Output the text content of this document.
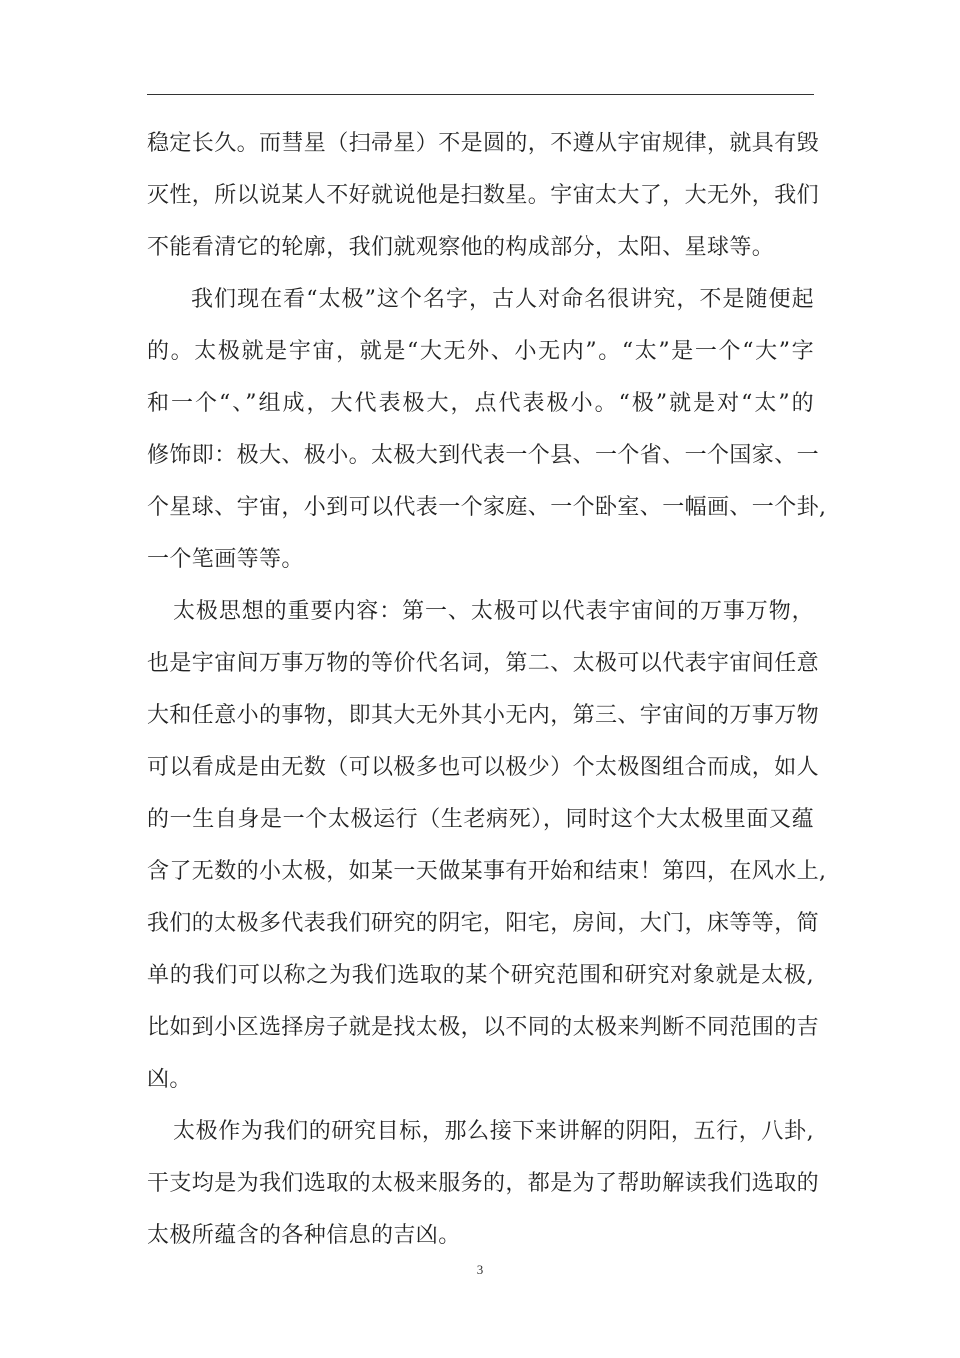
稳定长久。而彗星（扫帚星）不是圆的，不遵从宇宙规律，就具有毁
灭性，所以说某人不好就说他是扫数星。宇宙太大了，大无外，我们
不能看清它的轮廓，我们就观察他的构成部分，太阳、星球等。
我们现在看“太极”这个名字，古人对命名很讲究，不是随便起
的。太极就是宇宙，就是“大无外、小无内”。“太”是一个“大”字
和一个“、”组成，大代表极大，点代表极小。“极”就是对“太”的
修饰即：极大、极小。太极大到代表一个县、一个省、一个国家、一
个星球、宇宙，小到可以代表一个家庭、一个卧室、一幅画、一个卦,
一个笔画等等。
太极思想的重要内容：第一、太极可以代表宇宙间的万事万物，
也是宇宙间万事万物的等价代名词，第二、太极可以代表宇宙间任意
大和任意小的事物，即其大无外其小无内，第三、宇宙间的万事万物
可以看成是由无数（可以极多也可以极少）个太极图组合而成，如人
的一生自身是一个太极运行（生老病死），同时这个大太极里面又蕴
含了无数的小太极，如某一天做某事有开始和结束！第四，在风水上,
我们的太极多代表我们研究的阴宅，阳宅，房间，大门，床等等，简
单的我们可以称之为我们选取的某个研究范围和研究对象就是太极,
比如到小区选择房子就是找太极，以不同的太极来判断不同范围的吉
凶。
太极作为我们的研究目标，那么接下来讲解的阴阳，五行，八卦,
干支均是为我们选取的太极来服务的，都是为了帮助解读我们选取的
太极所蕴含的各种信息的吉凶。
3
